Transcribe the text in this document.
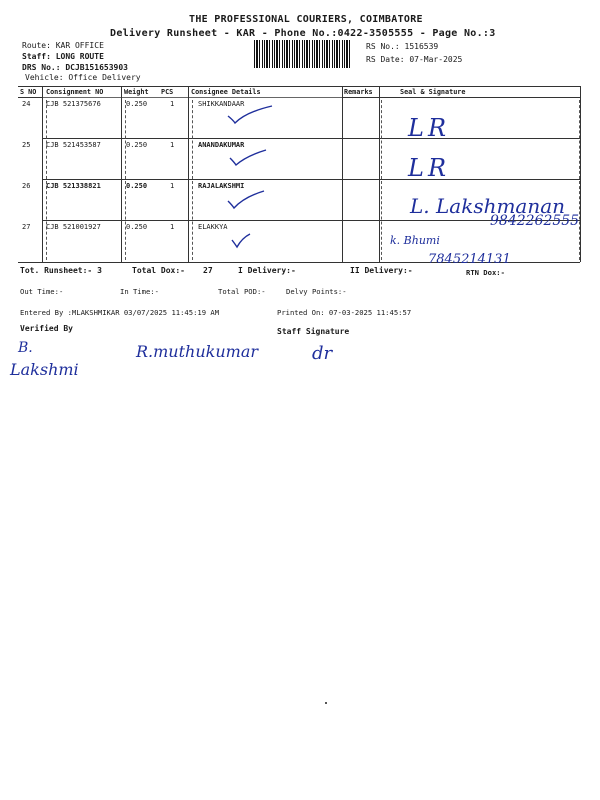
THE PROFESSIONAL COURIERS, COIMBATORE
Delivery Runsheet - KAR - Phone No.:0422-3505555 - Page No.:3
Route: KAR OFFICE
Staff: LONG ROUTE
DRS No.: DCJB151653903
Vehicle: Office Delivery
RS No.: 1516539
RS Date: 07-Mar-2025
S NO Consignment NO	Weight PCS	Consignee Details	Remarks	Seal & Signature
24 CJB 521375676	0.250	1	SHIKKANDAAR
25 CJB 521453587	0.250	1	ANANDAKUMAR
26 CJB 521338821	0.250	1	RAJALAKSHMI
27 CJB 521001927	0.250	1	ELAKKYA
LR
LR
L. Lakshmanan
9842262555
k. Bhumi
7845214131
Tot. Runsheet:- 3	Total Dox:- 27	I Delivery:-	II Delivery:-	RTN Dox:-
Out Time:-	In Time:-	Total POD:-	Delvy Points:-
Entered By :MLAKSHMIKAR 03/07/2025 11:45:19 AM	Printed On: 07-03-2025 11:45:57
Verified By	Staff Signature
B.
Lakshmi
R.muthukumar	dr
